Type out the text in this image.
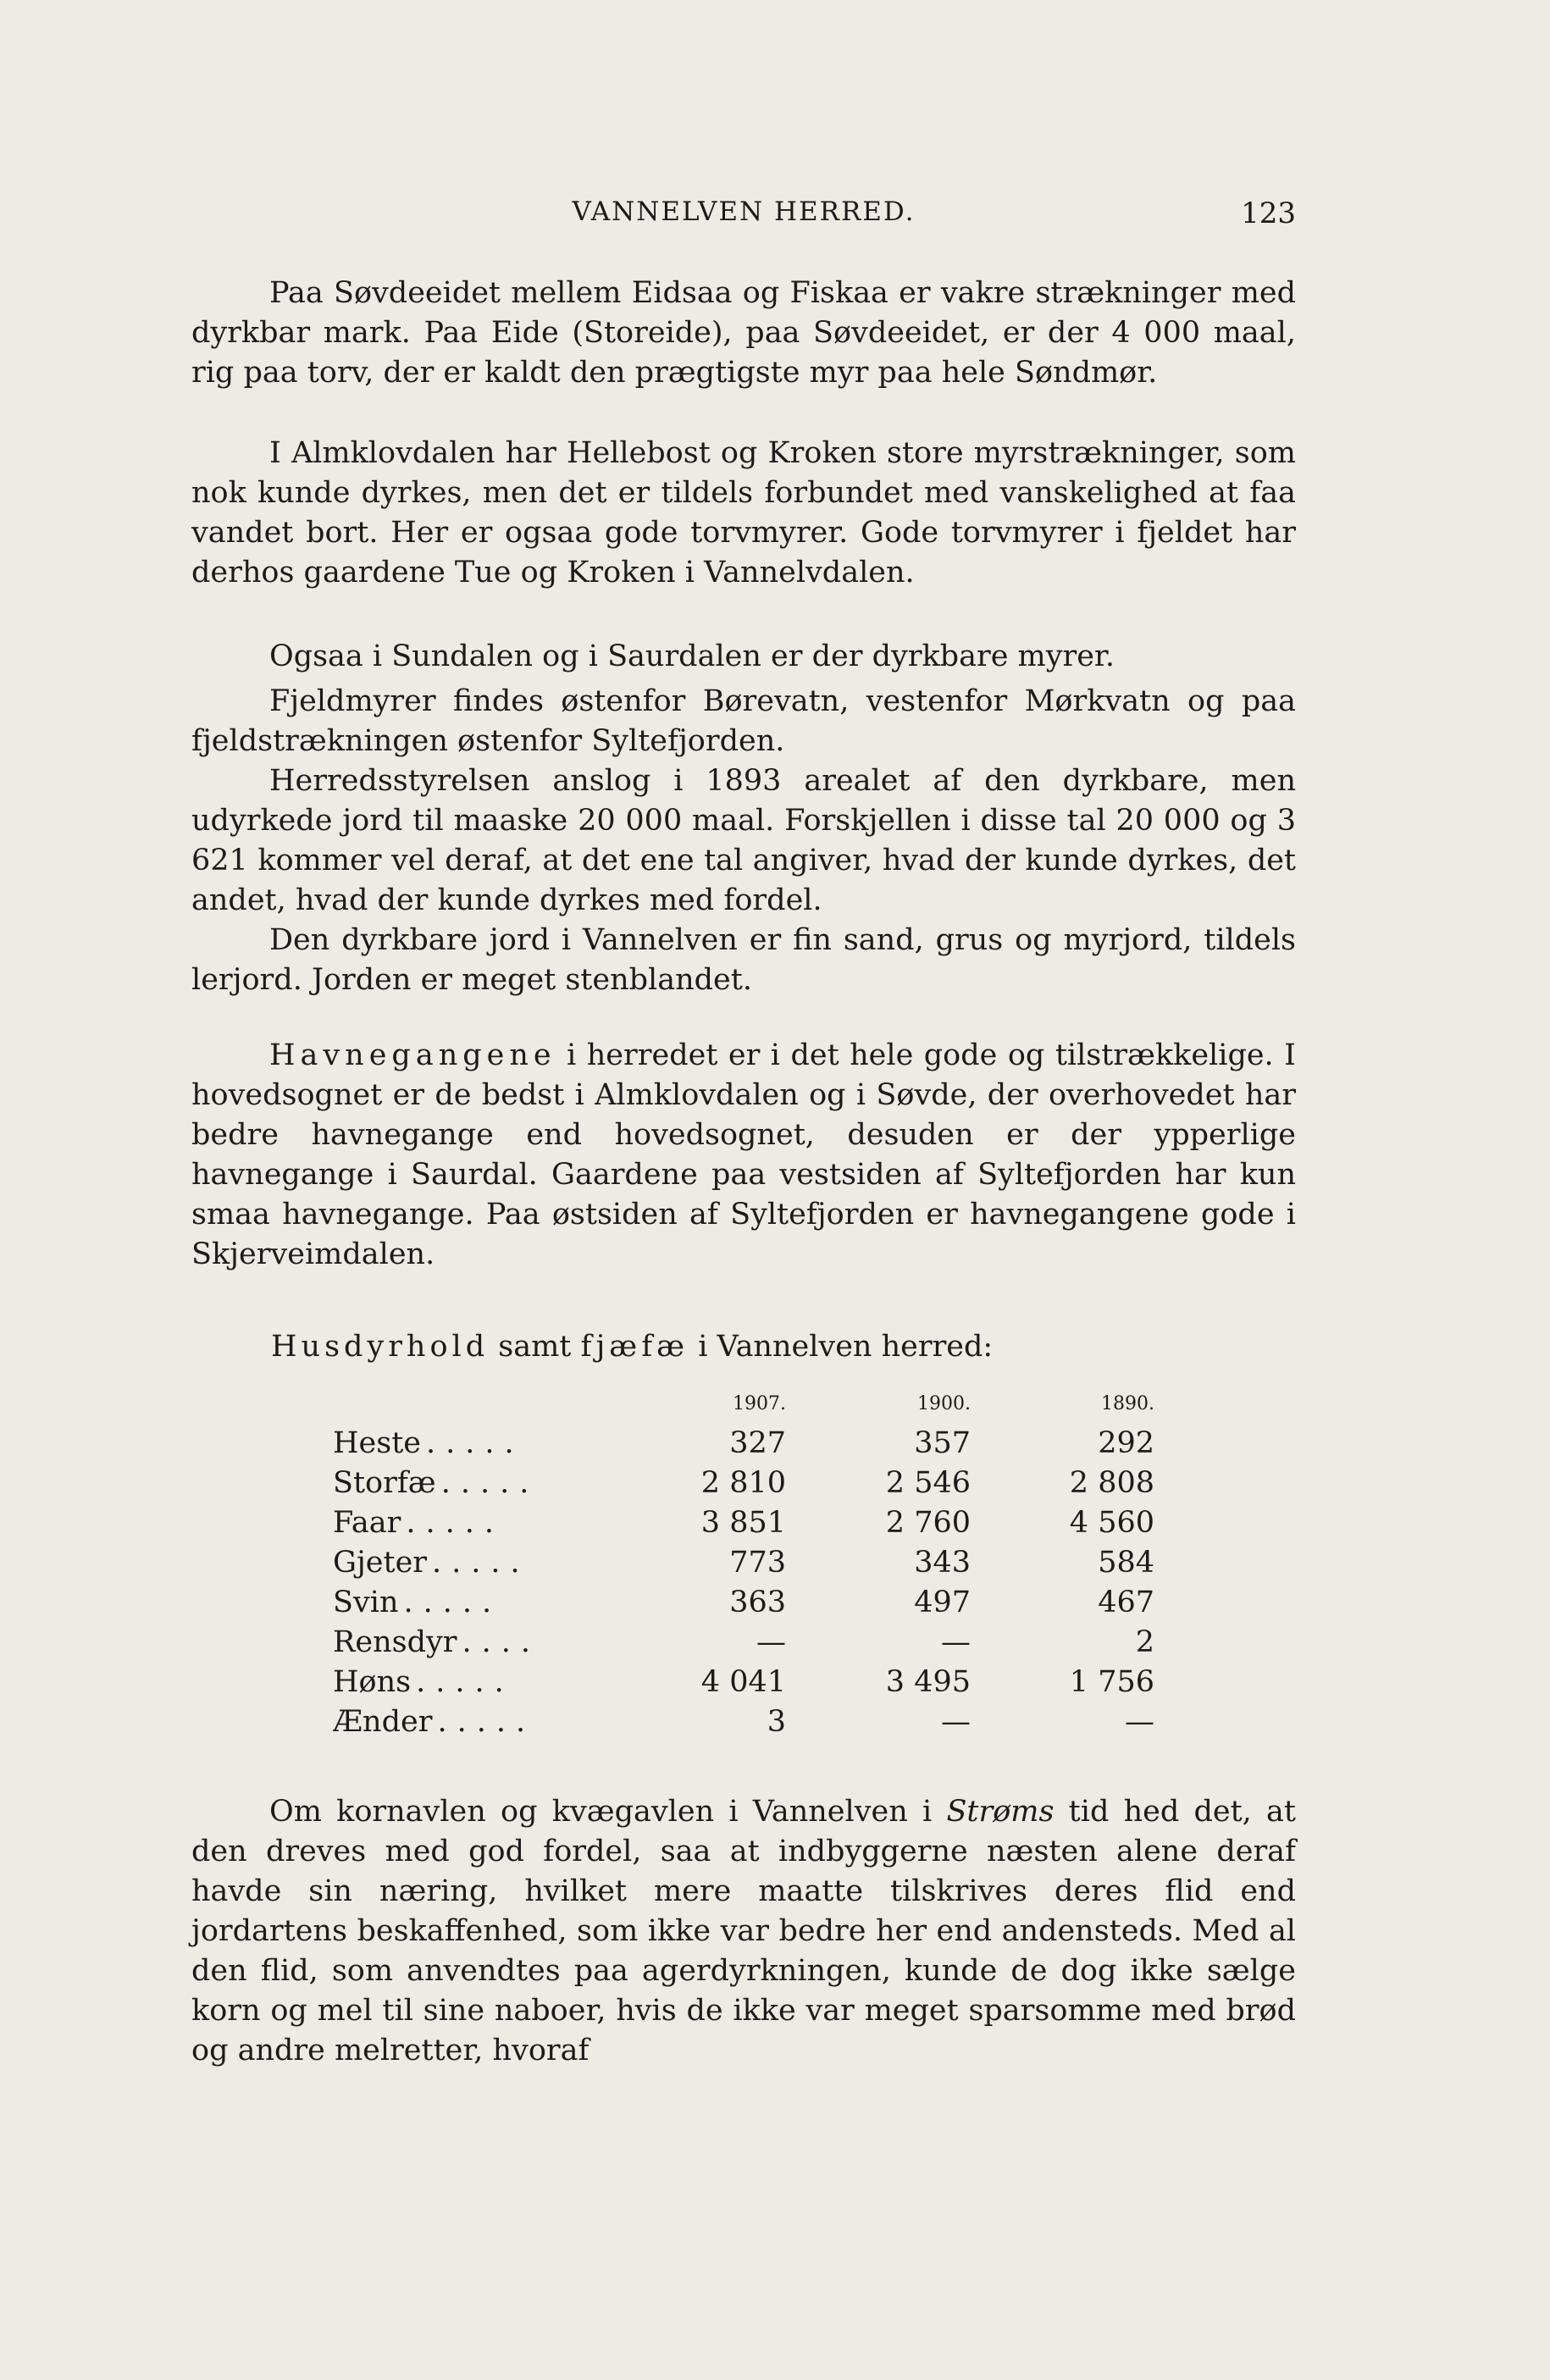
VANNELVEN HERRED.	123

Paa Søvdeeidet mellem Eidsaa og Fiskaa er vakre strækninger med dyrkbar mark. Paa Eide (Storeide), paa Søvdeeidet, er der 4 000 maal, rig paa torv, der er kaldt den prægtigste myr paa hele Søndmør.

I Almklovdalen har Hellebost og Kroken store myrstrækninger, som nok kunde dyrkes, men det er tildels forbundet med vanskelighed at faa vandet bort. Her er ogsaa gode torvmyrer. Gode torvmyrer i fjeldet har derhos gaardene Tue og Kroken i Vannelvdalen.

Ogsaa i Sundalen og i Saurdalen er der dyrkbare myrer.

Fjeldmyrer findes østenfor Børevatn, vestenfor Mørkvatn og paa fjeldstrækningen østenfor Syltefjorden.

Herredsstyrelsen anslog i 1893 arealet af den dyrkbare, men udyrkede jord til maaske 20 000 maal. Forskjellen i disse tal 20 000 og 3 621 kommer vel deraf, at det ene tal angiver, hvad der kunde dyrkes, det andet, hvad der kunde dyrkes med fordel.

Den dyrkbare jord i Vannelven er fin sand, grus og myrjord, tildels lerjord. Jorden er meget stenblandet.

Havnegangene i herredet er i det hele gode og tilstrækkelige. I hovedsognet er de bedst i Almklovdalen og i Søvde, der overhovedet har bedre havnegange end hovedsognet, desuden er der ypperlige havnegange i Saurdal. Gaardene paa vestsiden af Syltefjorden har kun smaa havnegange. Paa østsiden af Syltefjorden er havnegangene gode i Skjerveimdalen.

Husdyrhold samt fjæfæ i Vannelven herred:
1907.	1900.	1890.
Heste .....	327	357	292
Storfæ .....	2 810	2 546	2 808
Faar .....	3 851	2 760	4 560
Gjeter .....	773	343	584
Svin .....	363	497	467
Rensdyr ....	—	—	2
Høns .....	4 041	3 495	1 756
Ænder .....	3	—	—

Om kornavlen og kvægavlen i Vannelven i Strøms tid hed det, at den dreves med god fordel, saa at indbyggerne næsten alene deraf havde sin næring, hvilket mere maatte tilskrives deres flid end jordartens beskaffenhed, som ikke var bedre her end andensteds. Med al den flid, som anvendtes paa agerdyrkningen, kunde de dog ikke sælge korn og mel til sine naboer, hvis de ikke var meget sparsomme med brød og andre melretter, hvoraf
